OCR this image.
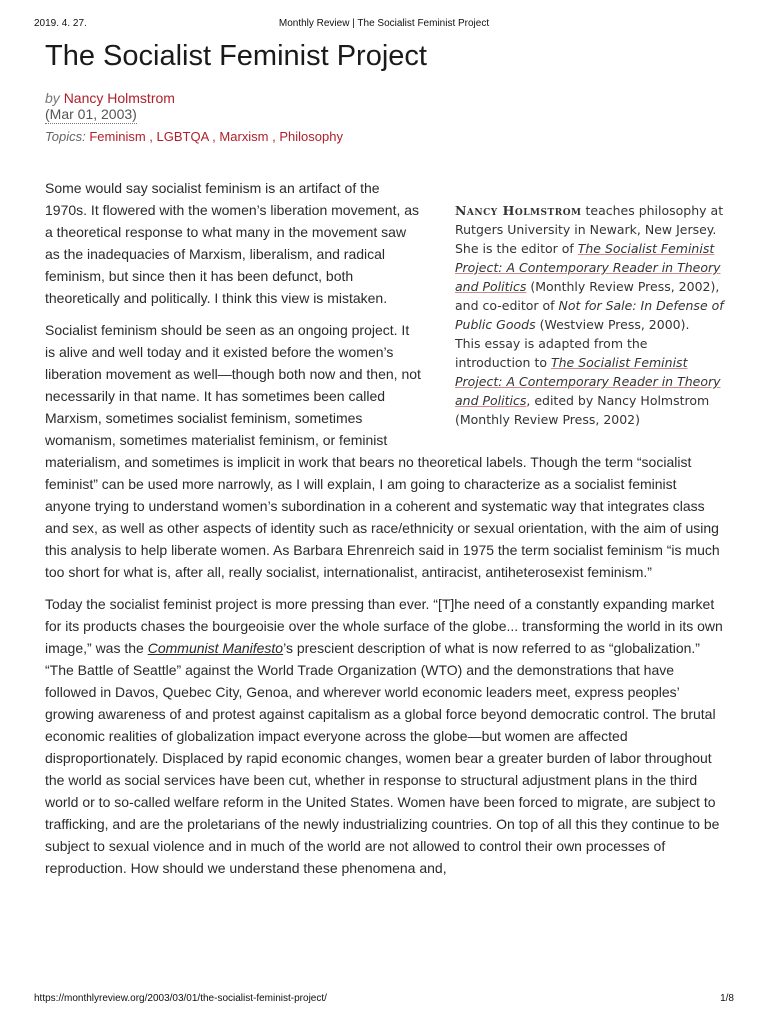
2019. 4. 27.	Monthly Review | The Socialist Feminist Project
The Socialist Feminist Project
by Nancy Holmstrom
(Mar 01, 2003)
Topics: Feminism , LGBTQA , Marxism , Philosophy
Nancy Holmstrom teaches philosophy at Rutgers University in Newark, New Jersey. She is the editor of The Socialist Feminist Project: A Contemporary Reader in Theory and Politics (Monthly Review Press, 2002), and co-editor of Not for Sale: In Defense of Public Goods (Westview Press, 2000).
This essay is adapted from the introduction to The Socialist Feminist Project: A Contemporary Reader in Theory and Politics, edited by Nancy Holmstrom (Monthly Review Press, 2002)

Some would say socialist feminism is an artifact of the 1970s. It flowered with the women’s liberation movement, as a theoretical response to what many in the movement saw as the inadequacies of Marxism, liberalism, and radical feminism, but since then it has been defunct, both theoretically and politically. I think this view is mistaken.

Socialist feminism should be seen as an ongoing project. It is alive and well today and it existed before the women’s liberation movement as well—though both now and then, not necessarily in that name. It has sometimes been called Marxism, sometimes socialist feminism, sometimes womanism, sometimes materialist feminism, or feminist materialism, and sometimes is implicit in work that bears no theoretical labels. Though the term “socialist feminist” can be used more narrowly, as I will explain, I am going to characterize as a socialist feminist anyone trying to understand women’s subordination in a coherent and systematic way that integrates class and sex, as well as other aspects of identity such as race/ethnicity or sexual orientation, with the aim of using this analysis to help liberate women. As Barbara Ehrenreich said in 1975 the term socialist feminism “is much too short for what is, after all, really socialist, internationalist, antiracist, antiheterosexist feminism.”

Today the socialist feminist project is more pressing than ever. “[T]he need of a constantly expanding market for its products chases the bourgeoisie over the whole surface of the globe... transforming the world in its own image,” was the Communist Manifesto’s prescient description of what is now referred to as “globalization.” “The Battle of Seattle” against the World Trade Organization (WTO) and the demonstrations that have followed in Davos, Quebec City, Genoa, and wherever world economic leaders meet, express peoples’ growing awareness of and protest against capitalism as a global force beyond democratic control. The brutal economic realities of globalization impact everyone across the globe—but women are affected disproportionately. Displaced by rapid economic changes, women bear a greater burden of labor throughout the world as social services have been cut, whether in response to structural adjustment plans in the third world or to so-called welfare reform in the United States. Women have been forced to migrate, are subject to trafficking, and are the proletarians of the newly industrializing countries. On top of all this they continue to be subject to sexual violence and in much of the world are not allowed to control their own processes of reproduction. How should we understand these phenomena and,

https://monthlyreview.org/2003/03/01/the-socialist-feminist-project/	1/8
